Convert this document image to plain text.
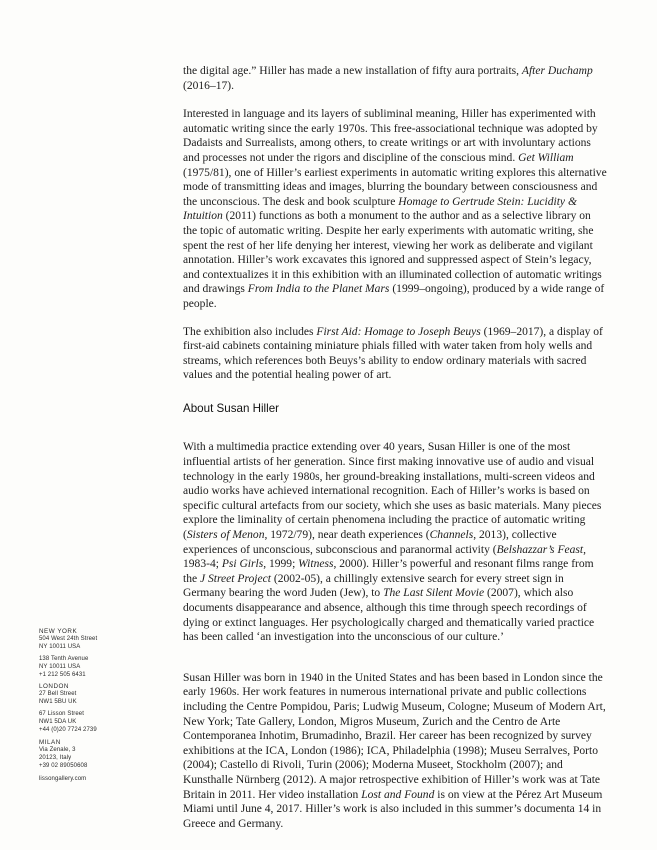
the digital age.” Hiller has made a new installation of fifty aura portraits, After Duchamp (2016–17).

Interested in language and its layers of subliminal meaning, Hiller has experimented with automatic writing since the early 1970s. This free-associational technique was adopted by Dadaists and Surrealists, among others, to create writings or art with involuntary actions and processes not under the rigors and discipline of the conscious mind. Get William (1975/81), one of Hiller’s earliest experiments in automatic writing explores this alternative mode of transmitting ideas and images, blurring the boundary between consciousness and the unconscious. The desk and book sculpture Homage to Gertrude Stein: Lucidity & Intuition (2011) functions as both a monument to the author and as a selective library on the topic of automatic writing. Despite her early experiments with automatic writing, she spent the rest of her life denying her interest, viewing her work as deliberate and vigilant annotation. Hiller’s work excavates this ignored and suppressed aspect of Stein’s legacy, and contextualizes it in this exhibition with an illuminated collection of automatic writings and drawings From India to the Planet Mars (1999–ongoing), produced by a wide range of people.

The exhibition also includes First Aid: Homage to Joseph Beuys (1969–2017), a display of first-aid cabinets containing miniature phials filled with water taken from holy wells and streams, which references both Beuys’s ability to endow ordinary materials with sacred values and the potential healing power of art.

About Susan Hiller

With a multimedia practice extending over 40 years, Susan Hiller is one of the most influential artists of her generation. Since first making innovative use of audio and visual technology in the early 1980s, her ground-breaking installations, multi-screen videos and audio works have achieved international recognition. Each of Hiller’s works is based on specific cultural artefacts from our society, which she uses as basic materials. Many pieces explore the liminality of certain phenomena including the practice of automatic writing (Sisters of Menon, 1972/79), near death experiences (Channels, 2013), collective experiences of unconscious, subconscious and paranormal activity (Belshazzar’s Feast, 1983-4; Psi Girls, 1999; Witness, 2000). Hiller’s powerful and resonant films range from the J Street Project (2002-05), a chillingly extensive search for every street sign in Germany bearing the word Juden (Jew), to The Last Silent Movie (2007), which also documents disappearance and absence, although this time through speech recordings of dying or extinct languages. Her psychologically charged and thematically varied practice has been called ‘an investigation into the unconscious of our culture.’

Susan Hiller was born in 1940 in the United States and has been based in London since the early 1960s. Her work features in numerous international private and public collections including the Centre Pompidou, Paris; Ludwig Museum, Cologne; Museum of Modern Art, New York; Tate Gallery, London, Migros Museum, Zurich and the Centro de Arte Contemporanea Inhotim, Brumadinho, Brazil. Her career has been recognized by survey exhibitions at the ICA, London (1986); ICA, Philadelphia (1998); Museu Serralves, Porto (2004); Castello di Rivoli, Turin (2006); Moderna Museet, Stockholm (2007); and Kunsthalle Nürnberg (2012). A major retrospective exhibition of Hiller’s work was at Tate Britain in 2011. Her video installation Lost and Found is on view at the Pérez Art Museum Miami until June 4, 2017. Hiller’s work is also included in this summer’s documenta 14 in Greece and Germany.

NEW YORK
504 West 24th Street
NY 10011 USA
138 Tenth Avenue
NY 10011 USA
+1 212 505 6431
LONDON
27 Bell Street
NW1 5BU UK
67 Lisson Street
NW1 5DA UK
+44 (0)20 7724 2739
MILAN
Via Zenale, 3
20123, Italy
+39 02 89050608
lissongallery.com
